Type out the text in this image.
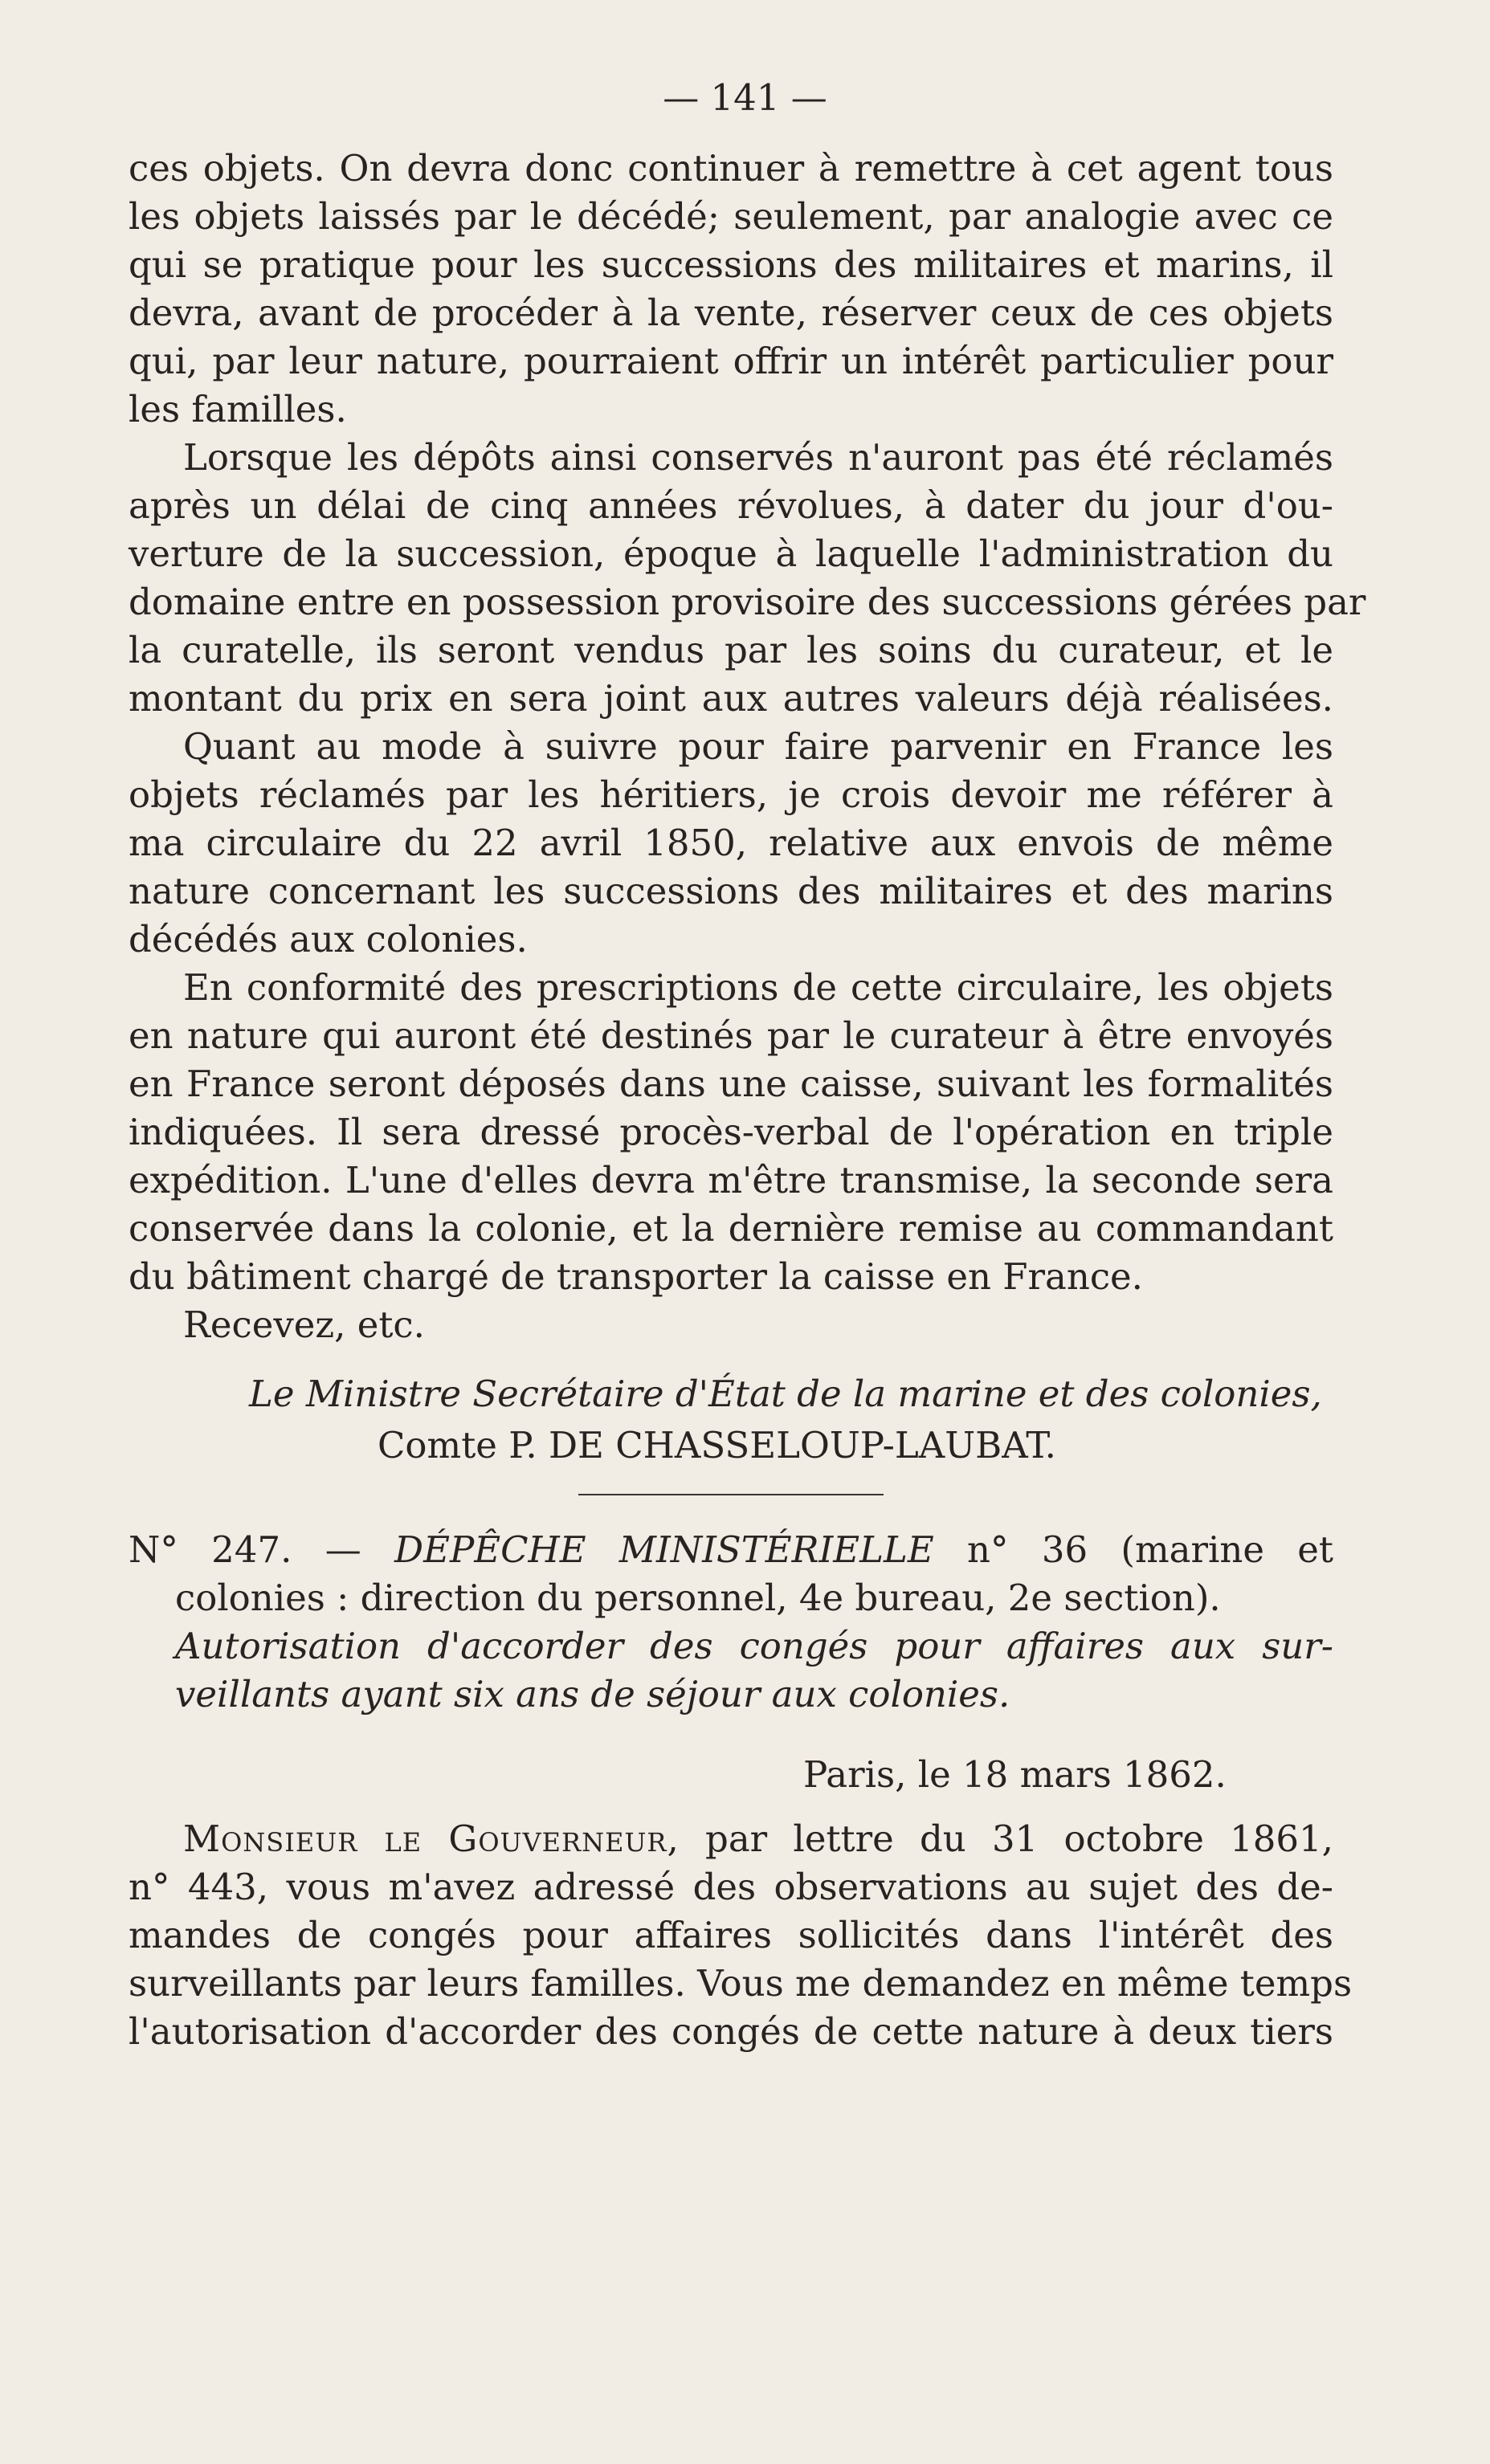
— 141 —
ces objets. On devra donc continuer à remettre à cet agent tous
les objets laissés par le décédé; seulement, par analogie avec ce
qui se pratique pour les successions des militaires et marins, il
devra, avant de procéder à la vente, réserver ceux de ces objets
qui, par leur nature, pourraient offrir un intérêt particulier pour
les familles.
Lorsque les dépôts ainsi conservés n'auront pas été réclamés
après un délai de cinq années révolues, à dater du jour d'ou-
verture de la succession, époque à laquelle l'administration du
domaine entre en possession provisoire des successions gérées par
la curatelle, ils seront vendus par les soins du curateur, et le
montant du prix en sera joint aux autres valeurs déjà réalisées.
Quant au mode à suivre pour faire parvenir en France les
objets réclamés par les héritiers, je crois devoir me référer à
ma circulaire du 22 avril 1850, relative aux envois de même
nature concernant les successions des militaires et des marins
décédés aux colonies.
En conformité des prescriptions de cette circulaire, les objets
en nature qui auront été destinés par le curateur à être envoyés
en France seront déposés dans une caisse, suivant les formalités
indiquées. Il sera dressé procès-verbal de l'opération en triple
expédition. L'une d'elles devra m'être transmise, la seconde sera
conservée dans la colonie, et la dernière remise au commandant
du bâtiment chargé de transporter la caisse en France.
Recevez, etc.
Le Ministre Secrétaire d'État de la marine et des colonies,
Comte P. DE CHASSELOUP-LAUBAT.
N° 247. — DÉPÊCHE MINISTÉRIELLE n° 36 (marine et
colonies : direction du personnel, 4e bureau, 2e section).
Autorisation d'accorder des congés pour affaires aux sur-
veillants ayant six ans de séjour aux colonies.
Paris, le 18 mars 1862.
Monsieur le Gouverneur, par lettre du 31 octobre 1861,
n° 443, vous m'avez adressé des observations au sujet des de-
mandes de congés pour affaires sollicités dans l'intérêt des
surveillants par leurs familles. Vous me demandez en même temps
l'autorisation d'accorder des congés de cette nature à deux tiers
